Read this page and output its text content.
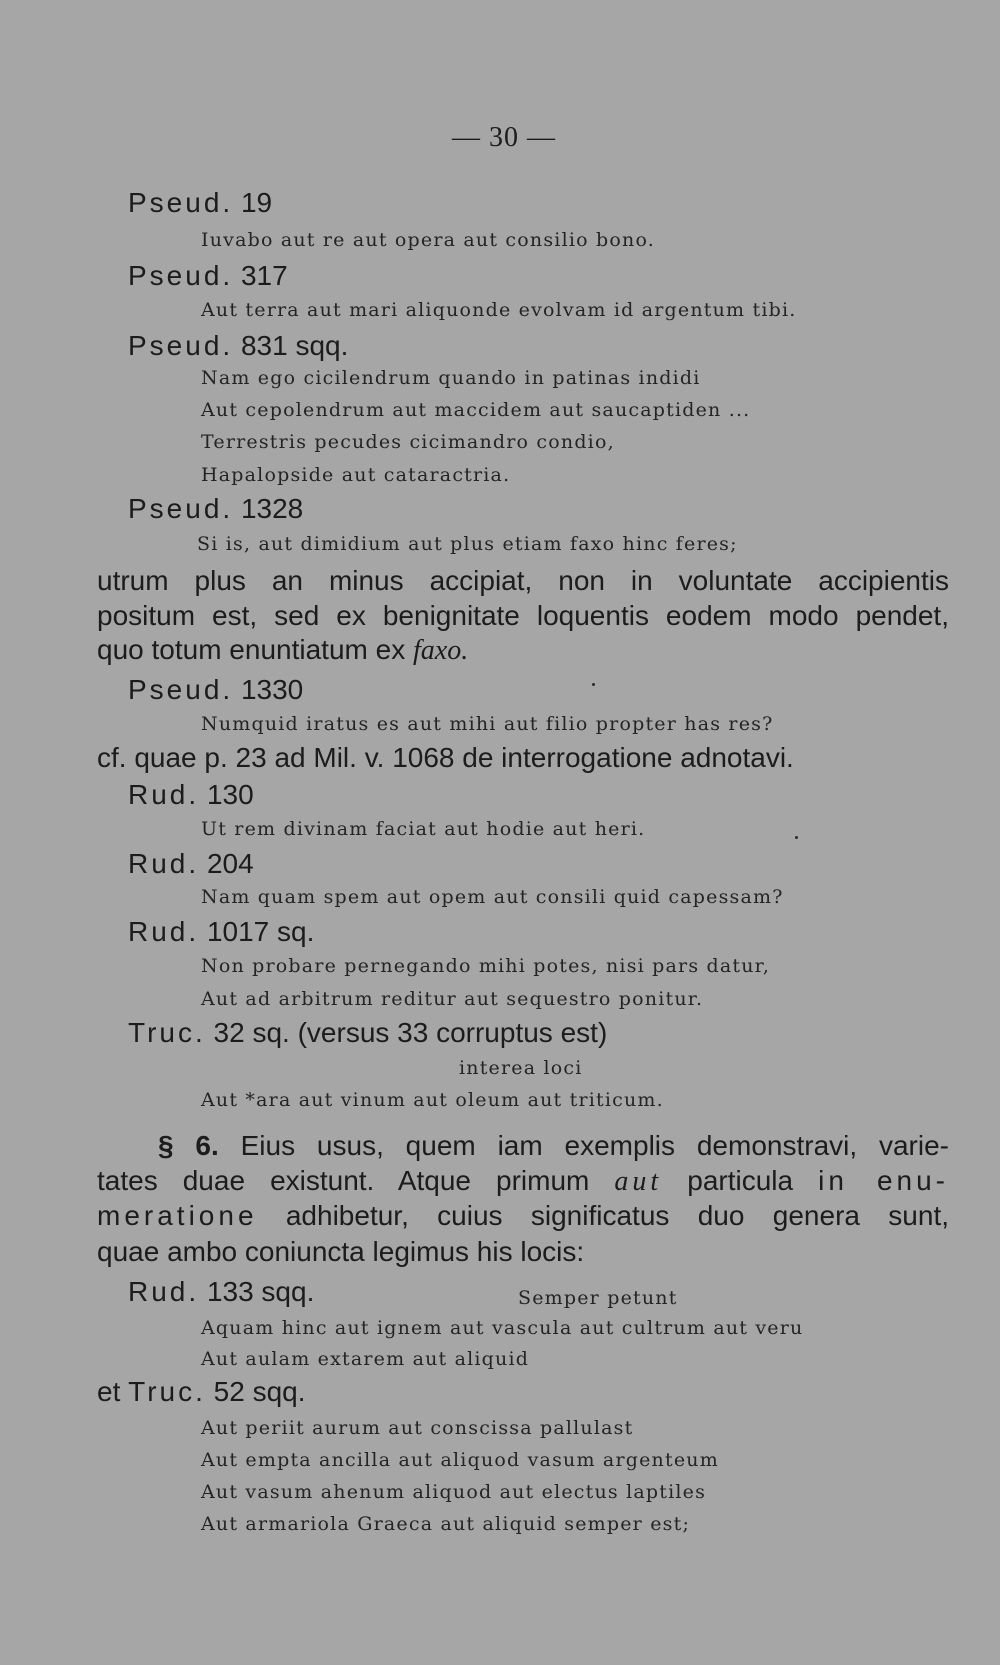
— 30 —
Pseud. 19
Iuvabo aut re aut opera aut consilio bono.
Pseud. 317
Aut terra aut mari aliquonde evolvam id argentum tibi.
Pseud. 831 sqq.
Nam ego cicilendrum quando in patinas indidi
Aut cepolendrum aut maccidem aut saucaptiden ...
Terrestris pecudes cicimandro condio,
Hapalopside aut cataractria.
Pseud. 1328
Si is, aut dimidium aut plus etiam faxo hinc feres;
utrum plus an minus accipiat, non in voluntate accipientis
positum est, sed ex benignitate loquentis eodem modo pendet,
quo totum enuntiatum ex faxo.
Pseud. 1330
Numquid iratus es aut mihi aut filio propter has res?
cf. quae p. 23 ad Mil. v. 1068 de interrogatione adnotavi.
Rud. 130
Ut rem divinam faciat aut hodie aut heri.
Rud. 204
Nam quam spem aut opem aut consili quid capessam?
Rud. 1017 sq.
Non probare pernegando mihi potes, nisi pars datur,
Aut ad arbitrum reditur aut sequestro ponitur.
Truc. 32 sq. (versus 33 corruptus est)
interea loci
Aut *ara aut vinum aut oleum aut triticum.
§ 6. Eius usus, quem iam exemplis demonstravi, varie-
tates duae existunt. Atque primum aut particula in enu-
meratione adhibetur, cuius significatus duo genera sunt,
quae ambo coniuncta legimus his locis:
Rud. 133 sqq.	Semper petunt
Aquam hinc aut ignem aut vascula aut cultrum aut veru
Aut aulam extarem aut aliquid
et Truc. 52 sqq.
Aut periit aurum aut conscissa pallulast
Aut empta ancilla aut aliquod vasum argenteum
Aut vasum ahenum aliquod aut electus laptiles
Aut armariola Graeca aut aliquid semper est;
